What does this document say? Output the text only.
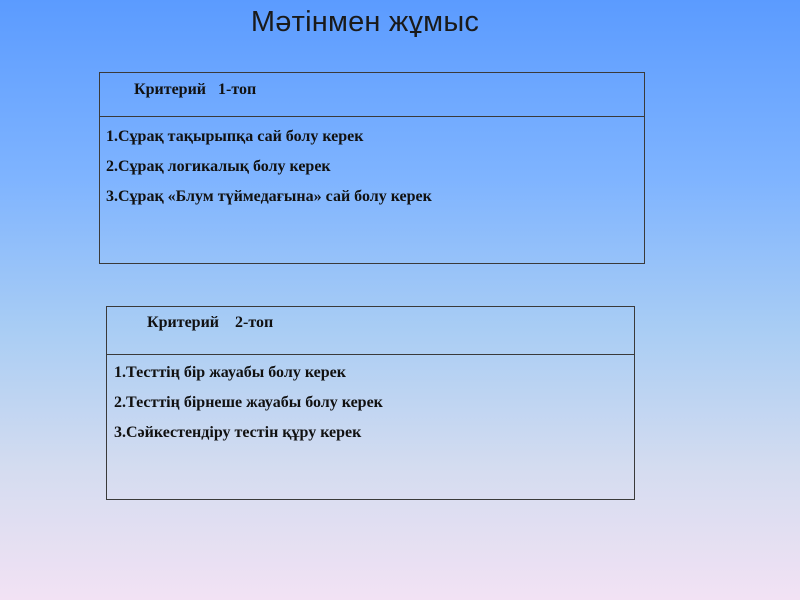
Мәтінмен жұмыс
Критерий 1-топ
1.Сұрақ тақырыпқа сай болу керек
2.Сұрақ логикалық болу керек
3.Сұрақ «Блум түймедағына» сай болу керек
Критерий 2-топ
1.Тесттің бір жауабы болу керек
2.Тесттің бірнеше жауабы болу керек
3.Сәйкестендіру тестін құру керек
